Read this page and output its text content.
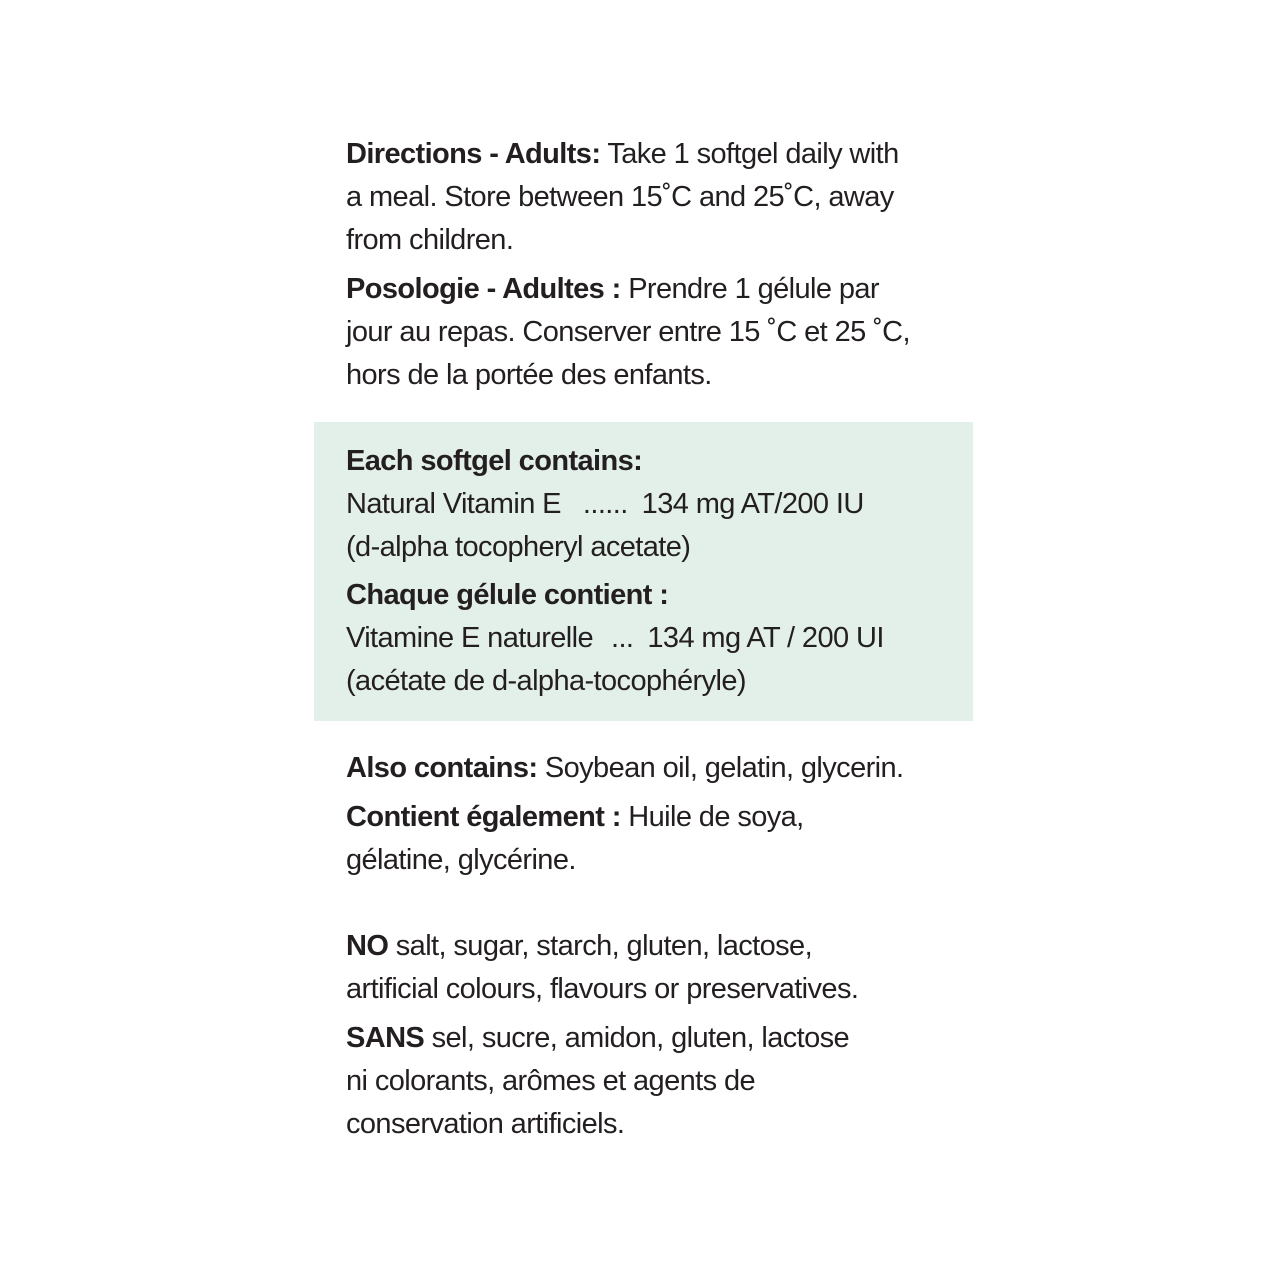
Directions - Adults: Take 1 softgel daily with
a meal. Store between 15˚C and 25˚C, away
from children.

Posologie - Adultes : Prendre 1 gélule par
jour au repas. Conserver entre 15 ˚C et 25 ˚C,
hors de la portée des enfants.

Each softgel contains:
Natural Vitamin E ...... 134 mg AT/200 IU
(d-alpha tocopheryl acetate)
Chaque gélule contient :
Vitamine E naturelle ... 134 mg AT / 200 UI
(acétate de d-alpha-tocophéryle)

Also contains: Soybean oil, gelatin, glycerin.

Contient également : Huile de soya,
gélatine, glycérine.

NO salt, sugar, starch, gluten, lactose,
artificial colours, flavours or preservatives.

SANS sel, sucre, amidon, gluten, lactose
ni colorants, arômes et agents de
conservation artificiels.
